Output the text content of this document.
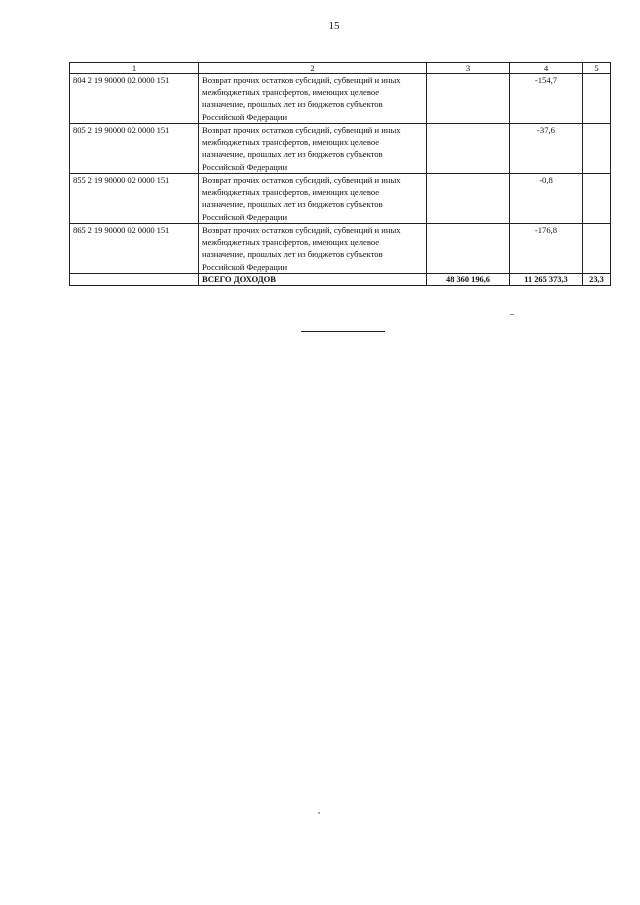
15
1	2	3	4	5
804 2 19 90000 02 0000 151	Возврат прочих остатков субсидий, субвенций и иных межбюджетных трансфертов, имеющих целевое назначение, прошлых лет из бюджетов субъектов Российской Федерации		-154,7	
805 2 19 90000 02 0000 151	Возврат прочих остатков субсидий, субвенций и иных межбюджетных трансфертов, имеющих целевое назначение, прошлых лет из бюджетов субъектов Российской Федерации		-37,6	
855 2 19 90000 02 0000 151	Возврат прочих остатков субсидий, субвенций и иных межбюджетных трансфертов, имеющих целевое назначение, прошлых лет из бюджетов субъектов Российской Федерации		-0,8	
865 2 19 90000 02 0000 151	Возврат прочих остатков субсидий, субвенций и иных межбюджетных трансфертов, имеющих целевое назначение, прошлых лет из бюджетов субъектов Российской Федерации		-176,8	
	ВСЕГО ДОХОДОВ	48 360 196,6	11 265 373,3	23,3
